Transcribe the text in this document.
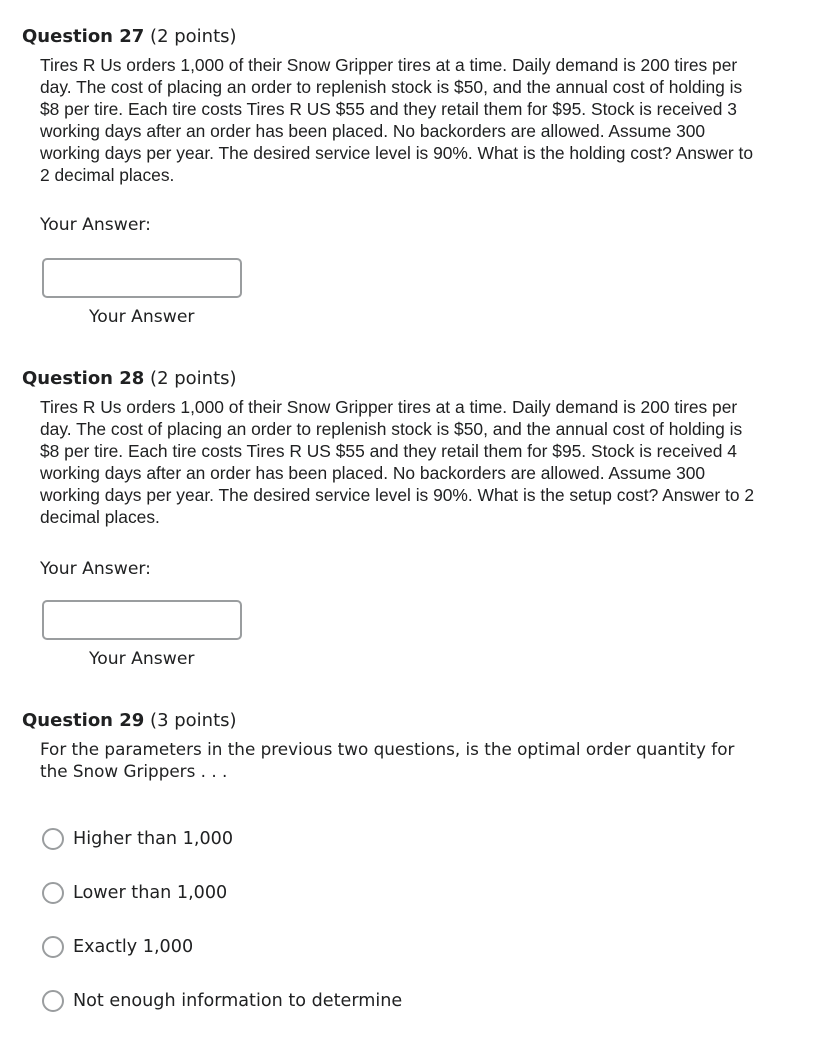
Question 27 (2 points)
Tires R Us orders 1,000 of their Snow Gripper tires at a time. Daily demand is 200 tires per day. The cost of placing an order to replenish stock is $50, and the annual cost of holding is $8 per tire. Each tire costs Tires R US $55 and they retail them for $95. Stock is received 3 working days after an order has been placed. No backorders are allowed. Assume 300 working days per year. The desired service level is 90%. What is the holding cost? Answer to 2 decimal places.
Your Answer:
Your Answer
Question 28 (2 points)
Tires R Us orders 1,000 of their Snow Gripper tires at a time. Daily demand is 200 tires per day. The cost of placing an order to replenish stock is $50, and the annual cost of holding is $8 per tire. Each tire costs Tires R US $55 and they retail them for $95. Stock is received 4 working days after an order has been placed. No backorders are allowed. Assume 300 working days per year. The desired service level is 90%. What is the setup cost? Answer to 2 decimal places.
Your Answer:
Your Answer
Question 29 (3 points)
For the parameters in the previous two questions, is the optimal order quantity for the Snow Grippers . . .
Higher than 1,000
Lower than 1,000
Exactly 1,000
Not enough information to determine
